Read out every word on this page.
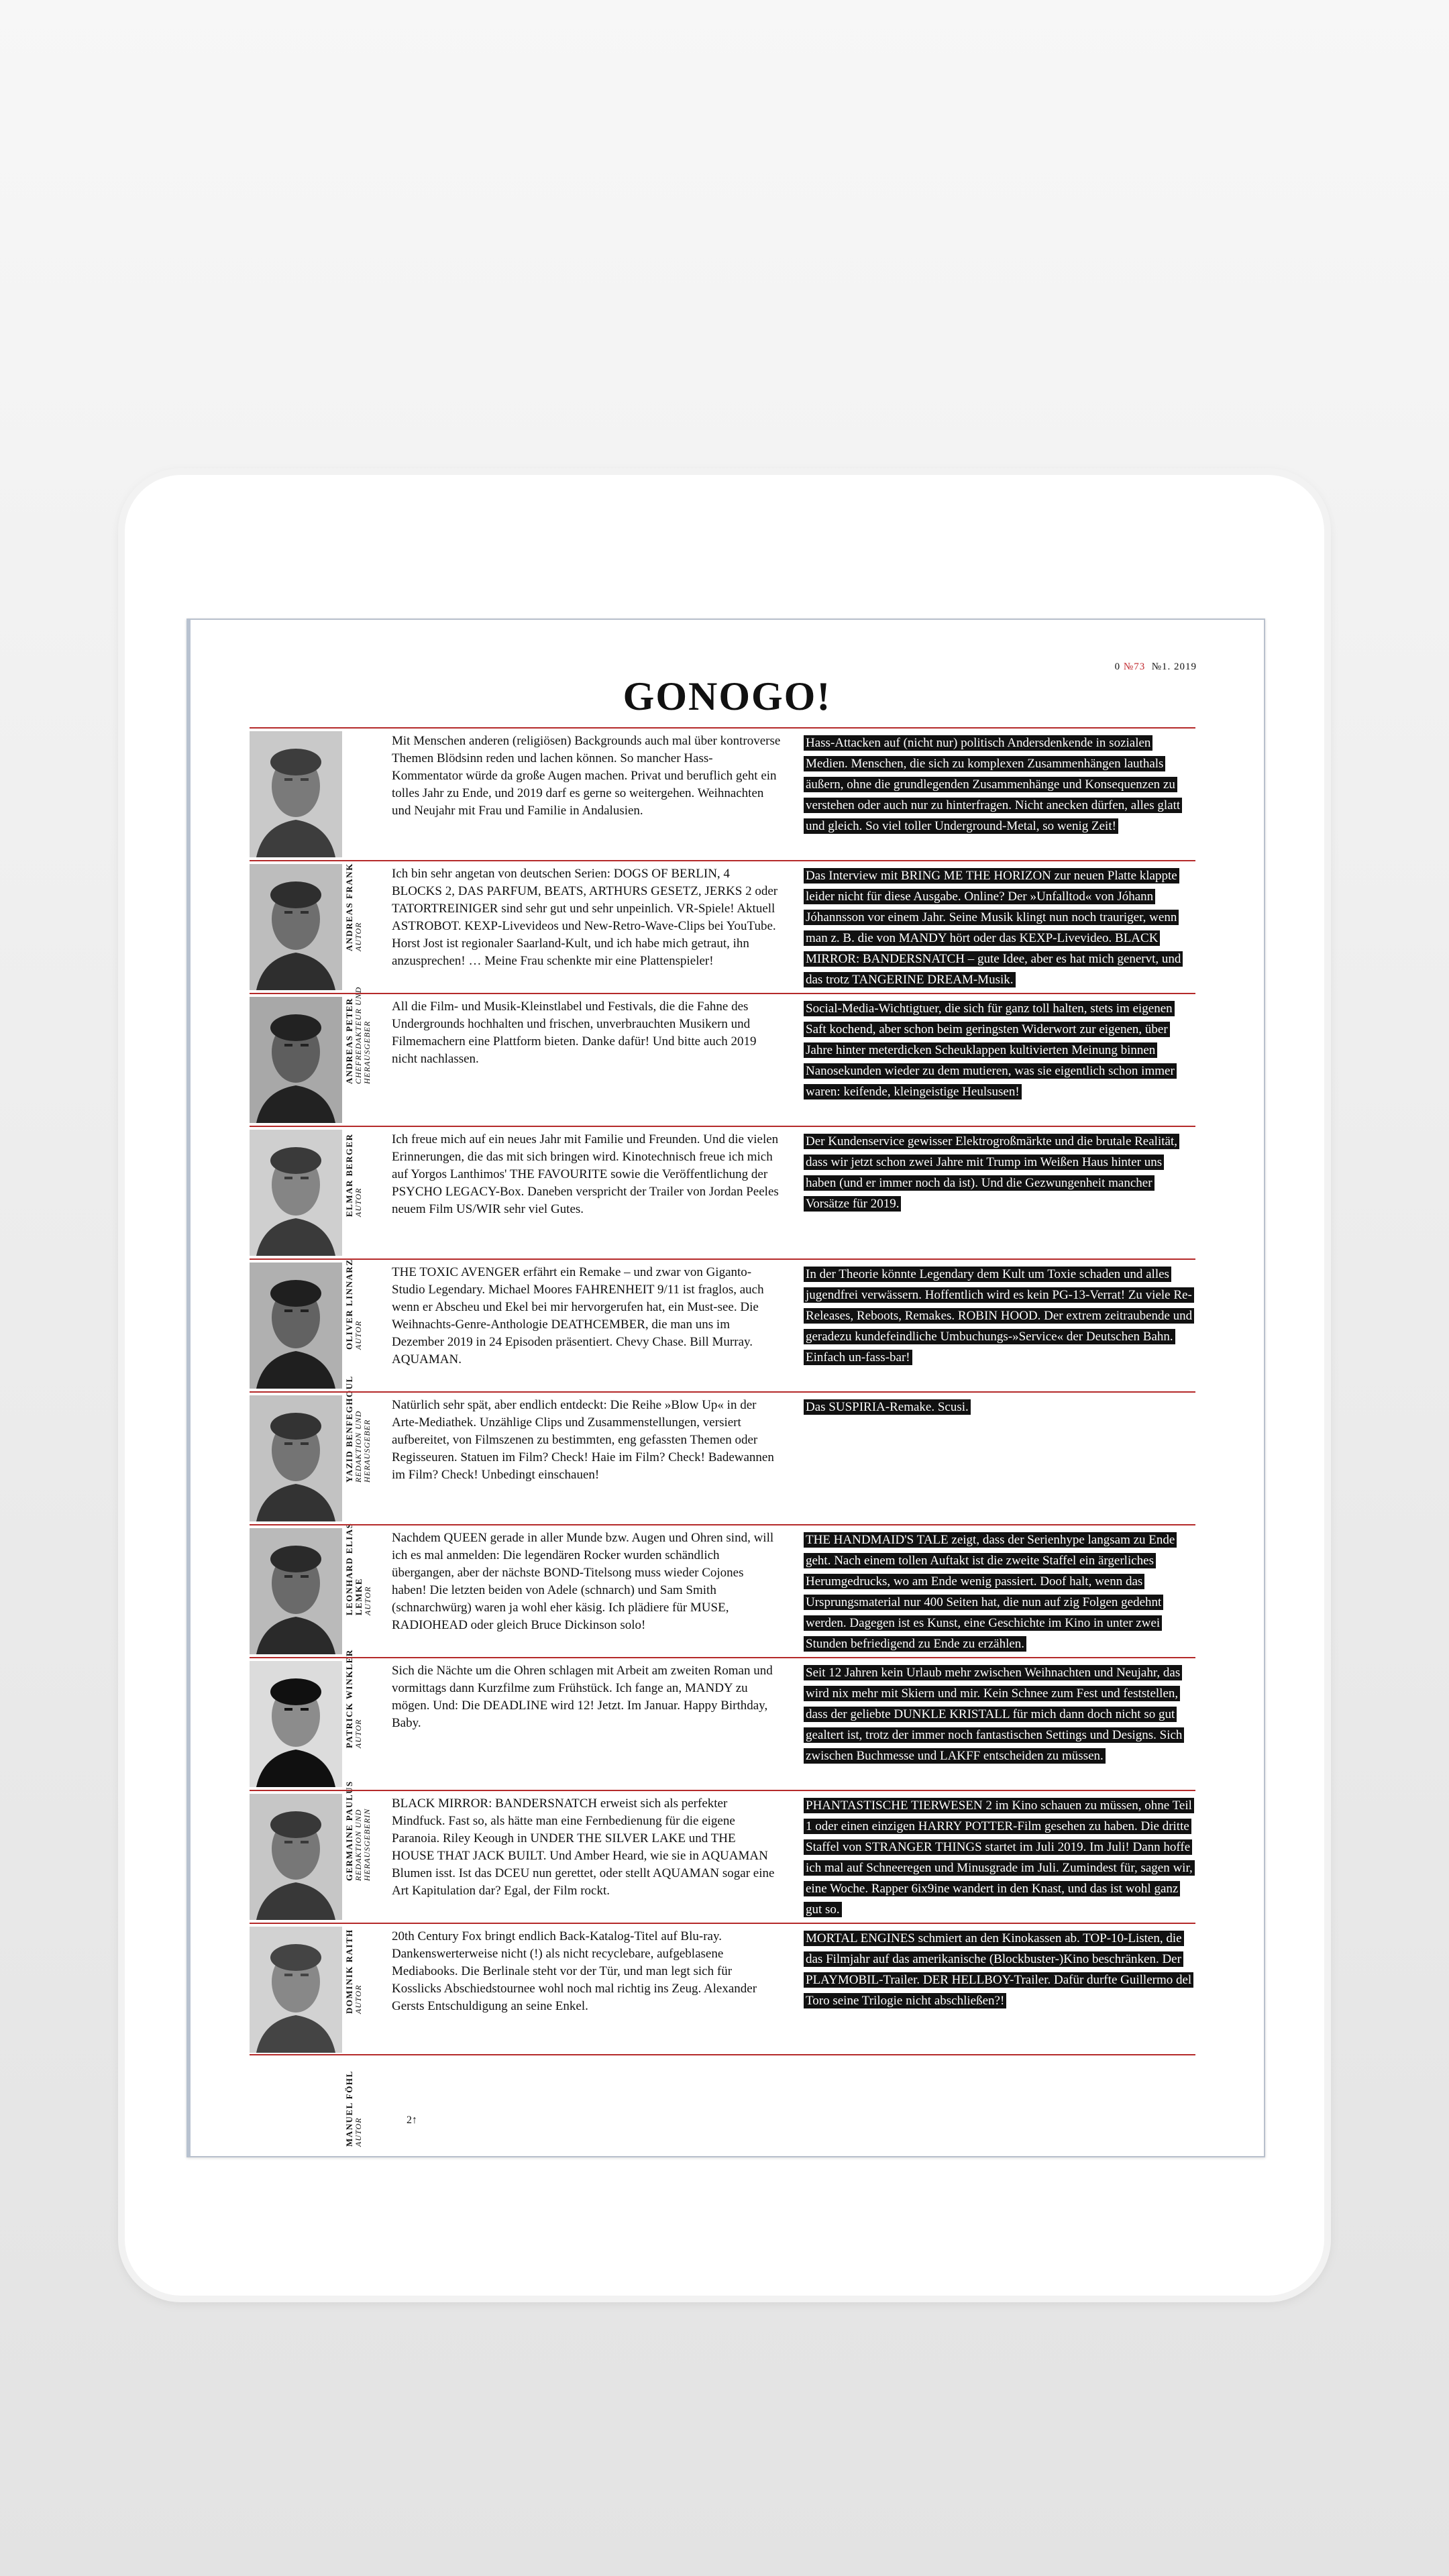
0 №73  №1. 2019
GONOGO!
ANDREAS FRANK AUTOR
Mit Menschen anderen (religiösen) Backgrounds auch mal über kontroverse Themen Blödsinn reden und lachen können. So mancher Hass-Kommentator würde da große Augen machen. Privat und beruflich geht ein tolles Jahr zu Ende, und 2019 darf es gerne so weitergehen. Weihnachten und Neujahr mit Frau und Familie in Andalusien.
Hass-Attacken auf (nicht nur) politisch Andersdenkende in sozialen Medien. Menschen, die sich zu komplexen Zusammenhängen lauthals äußern, ohne die grundlegenden Zusammenhänge und Konsequenzen zu verstehen oder auch nur zu hinterfragen. Nicht anecken dürfen, alles glatt und gleich. So viel toller Underground-Metal, so wenig Zeit!
ANDREAS PETER CHEFREDAKTEUR UND HERAUSGEBER
Ich bin sehr angetan von deutschen Serien: DOGS OF BERLIN, 4 BLOCKS 2, DAS PARFUM, BEATS, ARTHURS GESETZ, JERKS 2 oder TATORTREINIGER sind sehr gut und sehr unpeinlich. VR-Spiele! Aktuell ASTROBOT. KEXP-Livevideos und New-Retro-Wave-Clips bei YouTube. Horst Jost ist regionaler Saarland-Kult, und ich habe mich getraut, ihn anzusprechen! … Meine Frau schenkte mir eine Plattenspieler!
Das Interview mit BRING ME THE HORIZON zur neuen Platte klappte leider nicht für diese Ausgabe. Online? Der »Unfalltod« von Jóhann Jóhannsson vor einem Jahr. Seine Musik klingt nun noch trauriger, wenn man z. B. die von MANDY hört oder das KEXP-Livevideo. BLACK MIRROR: BANDERSNATCH – gute Idee, aber es hat mich genervt, und das trotz TANGERINE DREAM-Musik.
ELMAR BERGER AUTOR
All die Film- und Musik-Kleinstlabel und Festivals, die die Fahne des Undergrounds hochhalten und frischen, unverbrauchten Musikern und Filmemachern eine Plattform bieten. Danke dafür! Und bitte auch 2019 nicht nachlassen.
Social-Media-Wichtigtuer, die sich für ganz toll halten, stets im eigenen Saft kochend, aber schon beim geringsten Widerwort zur eigenen, über Jahre hinter meterdicken Scheuklappen kultivierten Meinung binnen Nanosekunden wieder zu dem mutieren, was sie eigentlich schon immer waren: keifende, kleingeistige Heulsusen!
OLIVER LINNARZ AUTOR
Ich freue mich auf ein neues Jahr mit Familie und Freunden. Und die vielen Erinnerungen, die das mit sich bringen wird. Kinotechnisch freue ich mich auf Yorgos Lanthimos' THE FAVOURITE sowie die Veröffentlichung der PSYCHO LEGACY-Box. Daneben verspricht der Trailer von Jordan Peeles neuem Film US/WIR sehr viel Gutes.
Der Kundenservice gewisser Elektrogroßmärkte und die brutale Realität, dass wir jetzt schon zwei Jahre mit Trump im Weißen Haus hinter uns haben (und er immer noch da ist). Und die Gezwungenheit mancher Vorsätze für 2019.
YAZID BENFEGHOUL REDAKTION UND HERAUSGEBER
THE TOXIC AVENGER erfährt ein Remake – und zwar von Giganto-Studio Legendary. Michael Moores FAHRENHEIT 9/11 ist fraglos, auch wenn er Abscheu und Ekel bei mir hervorgerufen hat, ein Must-see. Die Weihnachts-Genre-Anthologie DEATHCEMBER, die man uns im Dezember 2019 in 24 Episoden präsentiert. Chevy Chase. Bill Murray. AQUAMAN.
In der Theorie könnte Legendary dem Kult um Toxie schaden und alles jugendfrei verwässern. Hoffentlich wird es kein PG-13-Verrat! Zu viele Re-Releases, Reboots, Remakes. ROBIN HOOD. Der extrem zeitraubende und geradezu kundefeindliche Umbuchungs-»Service« der Deutschen Bahn. Einfach un-fass-bar!
LEONHARD ELIAS LEMKE AUTOR
Natürlich sehr spät, aber endlich entdeckt: Die Reihe »Blow Up« in der Arte-Mediathek. Unzählige Clips und Zusammenstellungen, versiert aufbereitet, von Filmszenen zu bestimmten, eng gefassten Themen oder Regisseuren. Statuen im Film? Check! Haie im Film? Check! Badewannen im Film? Check! Unbedingt einschauen!
Das SUSPIRIA-Remake. Scusi.
PATRICK WINKLER AUTOR
Nachdem QUEEN gerade in aller Munde bzw. Augen und Ohren sind, will ich es mal anmelden: Die legendären Rocker wurden schändlich übergangen, aber der nächste BOND-Titelsong muss wieder Cojones haben! Die letzten beiden von Adele (schnarch) und Sam Smith (schnarchwürg) waren ja wohl eher käsig. Ich plädiere für MUSE, RADIOHEAD oder gleich Bruce Dickinson solo!
THE HANDMAID'S TALE zeigt, dass der Serienhype langsam zu Ende geht. Nach einem tollen Auftakt ist die zweite Staffel ein ärgerliches Herumgedrucks, wo am Ende wenig passiert. Doof halt, wenn das Ursprungsmaterial nur 400 Seiten hat, die nun auf zig Folgen gedehnt werden. Dagegen ist es Kunst, eine Geschichte im Kino in unter zwei Stunden befriedigend zu Ende zu erzählen.
GERMAINE PAULUS REDAKTION UND HERAUSGEBERIN
Sich die Nächte um die Ohren schlagen mit Arbeit am zweiten Roman und vormittags dann Kurzfilme zum Frühstück. Ich fange an, MANDY zu mögen. Und: Die DEADLINE wird 12! Jetzt. Im Januar. Happy Birthday, Baby.
Seit 12 Jahren kein Urlaub mehr zwischen Weihnachten und Neujahr, das wird nix mehr mit Skiern und mir. Kein Schnee zum Fest und feststellen, dass der geliebte DUNKLE KRISTALL für mich dann doch nicht so gut gealtert ist, trotz der immer noch fantastischen Settings und Designs. Sich zwischen Buchmesse und LAKFF entscheiden zu müssen.
DOMINIK RAITH AUTOR
BLACK MIRROR: BANDERSNATCH erweist sich als perfekter Mindfuck. Fast so, als hätte man eine Fernbedienung für die eigene Paranoia. Riley Keough in UNDER THE SILVER LAKE und THE HOUSE THAT JACK BUILT. Und Amber Heard, wie sie in AQUAMAN Blumen isst. Ist das DCEU nun gerettet, oder stellt AQUAMAN sogar eine Art Kapitulation dar? Egal, der Film rockt.
PHANTASTISCHE TIERWESEN 2 im Kino schauen zu müssen, ohne Teil 1 oder einen einzigen HARRY POTTER-Film gesehen zu haben. Die dritte Staffel von STRANGER THINGS startet im Juli 2019. Im Juli! Dann hoffe ich mal auf Schneeregen und Minusgrade im Juli. Zumindest für, sagen wir, eine Woche. Rapper 6ix9ine wandert in den Knast, und das ist wohl ganz gut so.
MANUEL FÖHL AUTOR
20th Century Fox bringt endlich Back-Katalog-Titel auf Blu-ray. Dankenswerterweise nicht (!) als nicht recyclebare, aufgeblasene Mediabooks. Die Berlinale steht vor der Tür, und man legt sich für Kosslicks Abschiedstournee wohl noch mal richtig ins Zeug. Alexander Gersts Entschuldigung an seine Enkel.
MORTAL ENGINES schmiert an den Kinokassen ab. TOP-10-Listen, die das Filmjahr auf das amerikanische (Blockbuster-)Kino beschränken. Der PLAYMOBIL-Trailer. DER HELLBOY-Trailer. Dafür durfte Guillermo del Toro seine Trilogie nicht abschließen?!
2↑
